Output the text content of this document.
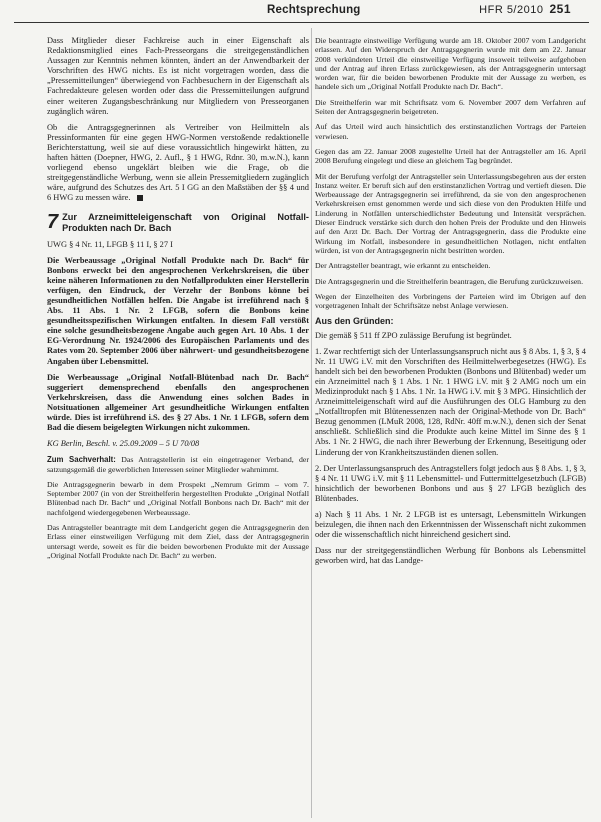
Rechtsprechung	HFR 5/2010 251

Dass Mitglieder dieser Fachkreise auch in einer Eigenschaft als Redaktionsmitglied eines Fach-Presseorgans die streitgegenständlichen Aussagen zur Kenntnis nehmen könnten, ändert an der Anwendbarkeit der Vorschriften des HWG nichts. Es ist nicht vorgetragen worden, dass die „Pressemitteilungen“ überwiegend von Fachbesuchern in der Eigenschaft als Fachredakteure gelesen worden oder dass die Pressemitteilungen aufgrund einer weiteren Zugangsbeschränkung nur Mitgliedern von Presseorganen zugänglich wären.

Ob die Antragsgegnerinnen als Vertreiber von Heilmitteln als Pressinformanten für eine gegen HWG-Normen verstoßende redaktionelle Berichterstattung, weil sie auf diese voraussichtlich hingewirkt hätten, zu haften hätten (Doepner, HWG, 2. Aufl., § 1 HWG, Rdnr. 30, m.w.N.), kann vorliegend ebenso ungeklärt bleiben wie die Frage, ob die streitgegenständliche Werbung, wenn sie allein Pressemitgliedern zugänglich wäre, aufgrund des Schutzes des Art. 5 I GG an den Maßstäben der §§ 4 und 6 HWG zu messen wäre.

7 Zur Arzneimitteleigenschaft von Original Notfall-Produkten nach Dr. Bach

UWG § 4 Nr. 11, LFGB § 11 I, § 27 I

Die Werbeaussage „Original Notfall Produkte nach Dr. Bach“ für Bonbons erweckt bei den angesprochenen Verkehrskreisen, die über keine näheren Informationen zu den Notfallprodukten einer Herstellerin verfügen, den Eindruck, der Verzehr der Bonbons könne bei gesundheitlichen Notfällen helfen. Die Angabe ist irreführend nach § Abs. 11 Abs. 1 Nr. 2 LFGB, sofern die Bonbons keine gesundheitsspezifischen Wirkungen entfalten. In diesem Fall verstößt eine solche gesundheitsbezogene Angabe auch gegen Art. 10 Abs. 1 der EG-Verordnung Nr. 1924/2006 des Europäischen Parlaments und des Rates vom 20. September 2006 über nährwert- und gesundheitsbezogene Angaben über Lebensmittel.

Die Werbeaussage „Original Notfall-Blütenbad nach Dr. Bach“ suggeriert demensprechend ebenfalls den angesprochenen Verkehrskreisen, dass die Anwendung eines solchen Bades in Notsituationen allgemeiner Art gesundheitliche Wirkungen entfalten würde. Dies ist irreführend i.S. des § 27 Abs. 1 Nr. 1 LFGB, sofern dem Bad die diesem beigelegten Wirkungen nicht zukommen.

KG Berlin, Beschl. v. 25.09.2009 – 5 U 70/08

Zum Sachverhalt: Das Antragstellerin ist ein eingetragener Verband, der satzungsgemäß die gewerblichen Interessen seiner Mitglieder wahrnimmt.

Die Antragsgegnerin bewarb in dem Prospekt „Nemrum Grimm – vom 7. September 2007 (in von der Streithelferin hergestellten Produkte „Original Notfall Blütenbad nach Dr. Bach“ und „Original Notfall Bonbons nach Dr. Bach“ mit der nachfolgend wiedergegebenen Werbeaussage.

Das Antragsteller beantragte mit dem Landgericht gegen die Antragsgegnerin den Erlass einer einstweiligen Verfügung mit dem Ziel, dass der Antragsgegnerin untersagt werde, soweit es für die beiden beworbenen Produkte mit der Aussage „Original Notfall Produkte nach Dr. Bach“ zu werben.

Die beantragte einstweilige Verfügung wurde am 18. Oktober 2007 vom Landgericht erlassen. Auf den Widerspruch der Antragsgegnerin wurde mit dem am 22. Januar 2008 verkündeten Urteil die einstweilige Verfügung insoweit teilweise aufgehoben und der Antrag auf ihren Erlass zurückgewiesen, als der Antragsgegnerin untersagt worden war, für die beiden beworbenen Produkte mit der Aussage zu werben, es handele sich um „Original Notfall Produkte nach Dr. Bach“.

Die Streithelferin war mit Schriftsatz vom 6. November 2007 dem Verfahren auf Seiten der Antragsgegnerin beigetreten.

Auf das Urteil wird auch hinsichtlich des erstinstanzlichen Vortrags der Parteien verwiesen.

Gegen das am 22. Januar 2008 zugestellte Urteil hat der Antragsteller am 16. April 2008 Berufung eingelegt und diese an gleichem Tag begründet.

Mit der Berufung verfolgt der Antragsteller sein Unterlassungsbegehren aus der ersten Instanz weiter. Er beruft sich auf den erstinstanzlichen Vortrag und vertieft diesen. Die Werbeaussage der Antragsgegnerin sei irreführend, da sie von den angesprochenen Verkehrskreisen ernst genommen werde und sich diese von den Produkten Hilfe und Linderung in Notfällen unterschiedlichster Bedeutung und Intensität versprächen. Dieser Eindruck verstärke sich durch den hohen Preis der Produkte und den Hinweis auf den Arzt Dr. Bach. Der Vortrag der Antragsgegnerin, dass die Produkte eine Wirkung im Notfall, insbesondere in gesundheitlichen Notlagen, nicht entfalten würden, ist von der Antragsgegnerin nicht bestritten worden.

Der Antragsteller beantragt, wie erkannt zu entscheiden.

Die Antragsgegnerin und die Streithelferin beantragen, die Berufung zurückzuweisen.

Wegen der Einzelheiten des Vorbringens der Parteien wird im Übrigen auf den vorgetragenen Inhalt der Schriftsätze nebst Anlage verwiesen.

Aus den Gründen:

Die gemäß § 511 ff ZPO zulässige Berufung ist begründet.

1. Zwar rechtfertigt sich der Unterlassungsanspruch nicht aus § 8 Abs. 1, § 3, § 4 Nr. 11 UWG i.V. mit den Vorschriften des Heilmittelwerbegesetzes (HWG). Es handelt sich bei den beworbenen Produkten (Bonbons und Blütenbad) weder um ein Arzneimittel nach § 1 Abs. 1 Nr. 1 HWG i.V. mit § 2 AMG noch um ein Medizinprodukt nach § 1 Abs. 1 Nr. 1a HWG i.V. mit § 3 MPG. Hinsichtlich der Arzneimitteleigenschaft wird auf die Ausführungen des OLG Hamburg zu den „Notfalltropfen mit Blütenessenzen nach der Original-Methode von Dr. Bach“ Bezug genommen (LMuR 2008, 128, RdNr. 40ff m.w.N.), denen sich der Senat anschließt. Schließlich sind die Produkte auch keine Mittel im Sinne des § 1 Abs. 1 Nr. 2 HWG, die nach ihrer Bewerbung der Erkennung, Beseitigung oder Linderung der von Krankheitszuständen dienen sollen.

2. Der Unterlassungsanspruch des Antragstellers folgt jedoch aus § 8 Abs. 1, § 3, § 4 Nr. 11 UWG i.V. mit § 11 Lebensmittel- und Futtermittelgesetzbuch (LFGB) hinsichtlich der beworbenen Bonbons und aus § 27 LFGB bezüglich des Blütenbades.

a) Nach § 11 Abs. 1 Nr. 2 LFGB ist es untersagt, Lebensmitteln Wirkungen beizulegen, die ihnen nach den Erkenntnissen der Wissenschaft nicht zukommen oder die wissenschaftlich nicht hinreichend gesichert sind.

Dass nur der streitgegenständlichen Werbung für Bonbons als Lebensmittel geworben wird, hat das Landge-
